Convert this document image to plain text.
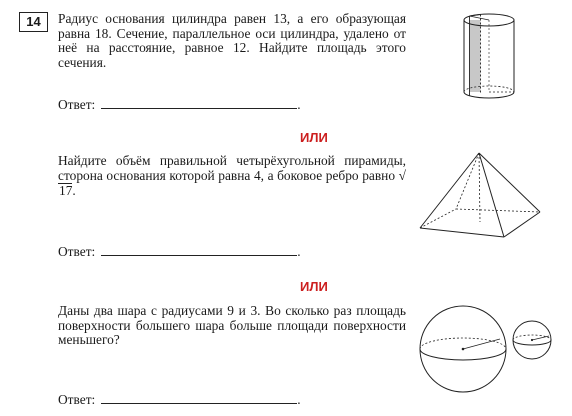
14	Радиус основания цилиндра равен 13, а его образующая равна 18. Сечение, параллельное оси цилиндра, удалено от неё на расстояние, равное 12. Найдите площадь этого сечения.

Ответ:	.
ИЛИ

Найдите объём правильной четырёхугольной пирамиды, сторона основания которой равна 4, а боковое ребро равно √17.

Ответ:	.
ИЛИ

Даны два шара с радиусами 9 и 3. Во сколько раз площадь поверхности большего шара больше площади поверхности меньшего?

Ответ:	.
